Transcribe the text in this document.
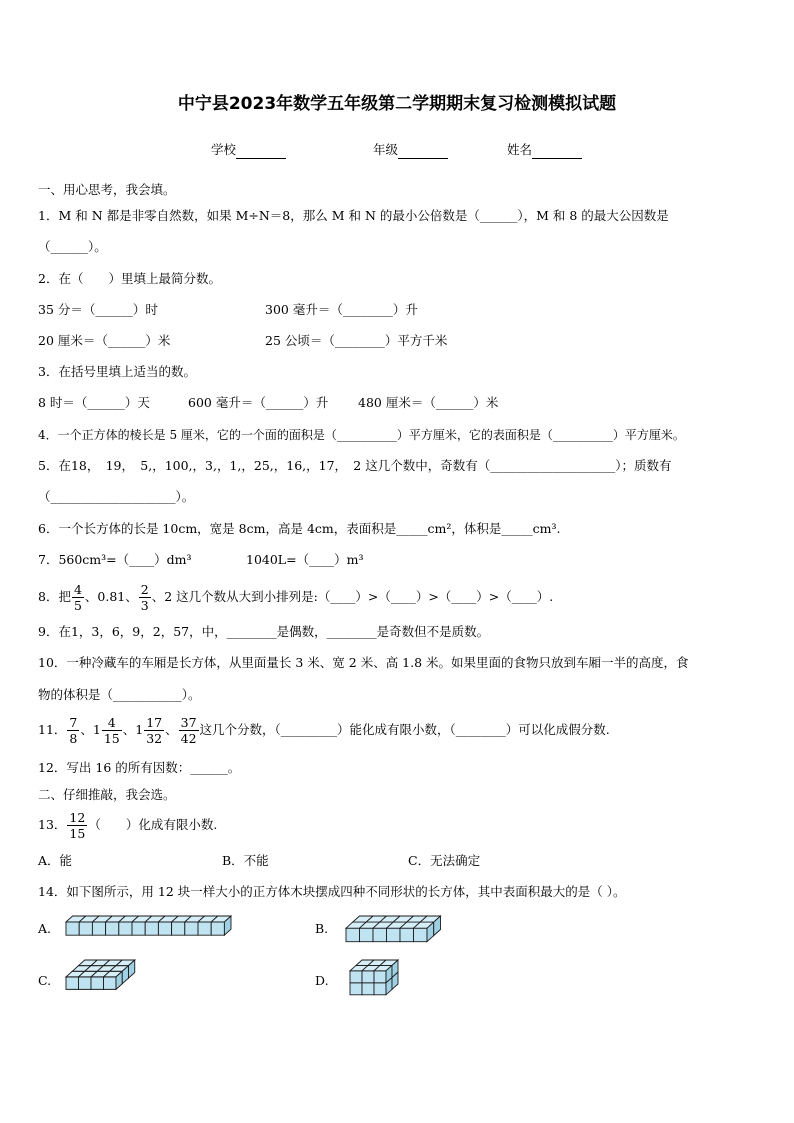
中宁县2023年数学五年级第二学期期末复习检测模拟试题
学校	年级	姓名
一、用心思考，我会填。
1．M 和 N 都是非零自然数，如果 M÷N＝8，那么 M 和 N 的最小公倍数是（______），M 和 8 的最大公因数是
（______）。
2．在（　　）里填上最简分数。
35 分＝（______）时	300 毫升＝（________）升
20 厘米＝（______）米	25 公顷＝（________）平方千米
3．在括号里填上适当的数。
8 时＝（______）天	600 毫升＝（______）升 480 厘米＝（______）米
4．一个正方体的棱长是 5 厘米，它的一个面的面积是（__________）平方厘米，它的表面积是（__________）平方厘米。
5．在18，　19，　5,，100,，3,，1,，25,，16,，17，　2 这几个数中，奇数有（____________________）；质数有
（____________________）。
6．一个长方体的长是 10cm，宽是 8cm，高是 4cm，表面积是_____cm²，体积是_____cm³.
7．560cm³=（____）dm³	1040L=（____）m³
8．把 $\frac{4}{5}$ 、0.81、 $\frac{2}{3}$ 、2 这几个数从大到小排列是:（____）>（____）>（____）>（____）.
9．在1，3，6，9，2，57，中，________是偶数，________是奇数但不是质数。
10．一种冷藏车的车厢是长方体，从里面量长 3 米、宽 2 米、高 1.8 米。如果里面的食物只放到车厢一半的高度，食
物的体积是（___________）。
11． $\frac{7}{8}$ 、$1 \frac{4}{15}$ 、$1 \frac{17}{32}$ 、 $\frac{37}{42}$ 这几个分数，（_________）能化成有限小数，（________）可以化成假分数.
12．写出 16 的所有因数：______。
二、仔细推敲，我会选。
13． $\frac{12}{15}$ （　　）化成有限小数.
A．能	B．不能	C．无法确定
14．如下图所示，用 12 块一样大小的正方体木块摆成四种不同形状的长方体，其中表面积最大的是（ ）。
A.	B.
C.	D.
